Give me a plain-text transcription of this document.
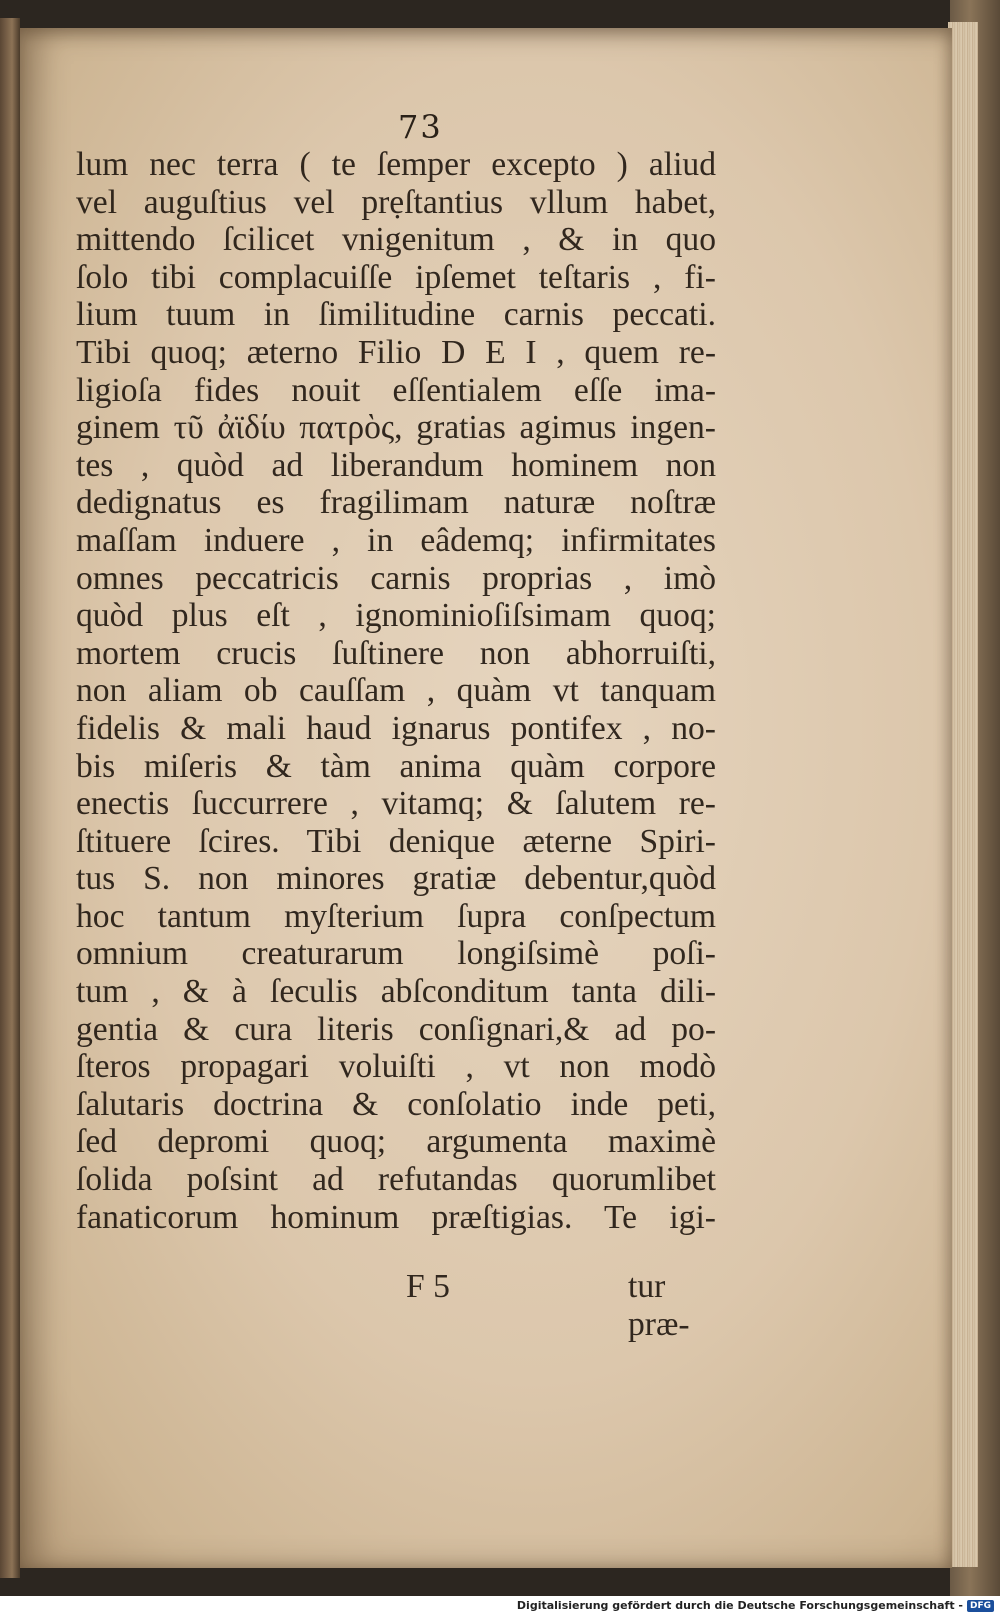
73
lum nec terra ( te ſemper excepto ) aliud
vel auguſtius vel prẹſtantius vllum habet,
mittendo ſcilicet vnigenitum , & in quo
ſolo tibi complacuiſſe ipſemet teſtaris , fi-
lium tuum in ſimilitudine carnis peccati.
Tibi quoq; æterno Filio D E I , quem re-
ligioſa fides nouit eſſentialem eſſe ima-
ginem τῦ ἀϊδίυ πατρὸς, gratias agimus ingen-
tes , quòd ad liberandum hominem non
dedignatus es fragilimam naturæ noſtræ
maſſam induere , in eâdemq; infirmitates
omnes peccatricis carnis proprias , imò
quòd plus eſt , ignominioſiſsimam quoq;
mortem crucis ſuſtinere non abhorruiſti,
non aliam ob cauſſam , quàm vt tanquam
fidelis & mali haud ignarus pontifex , no-
bis miſeris & tàm anima quàm corpore
enectis ſuccurrere , vitamq; & ſalutem re-
ſtituere ſcires. Tibi denique æterne Spiri-
tus S. non minores gratiæ debentur,quòd
hoc tantum myſterium ſupra conſpectum
omnium creaturarum longiſsimè poſi-
tum , & à ſeculis abſconditum tanta dili-
gentia & cura literis conſignari,& ad po-
ſteros propagari voluiſti , vt non modò
ſalutaris doctrina & conſolatio inde peti,
ſed depromi quoq; argumenta maximè
ſolida poſsint ad refutandas quorumlibet
fanaticorum hominum præſtigias. Te igi-
F 5	tur præ-
Digitalisierung gefördert durch die Deutsche Forschungsgemeinschaft - DFG
